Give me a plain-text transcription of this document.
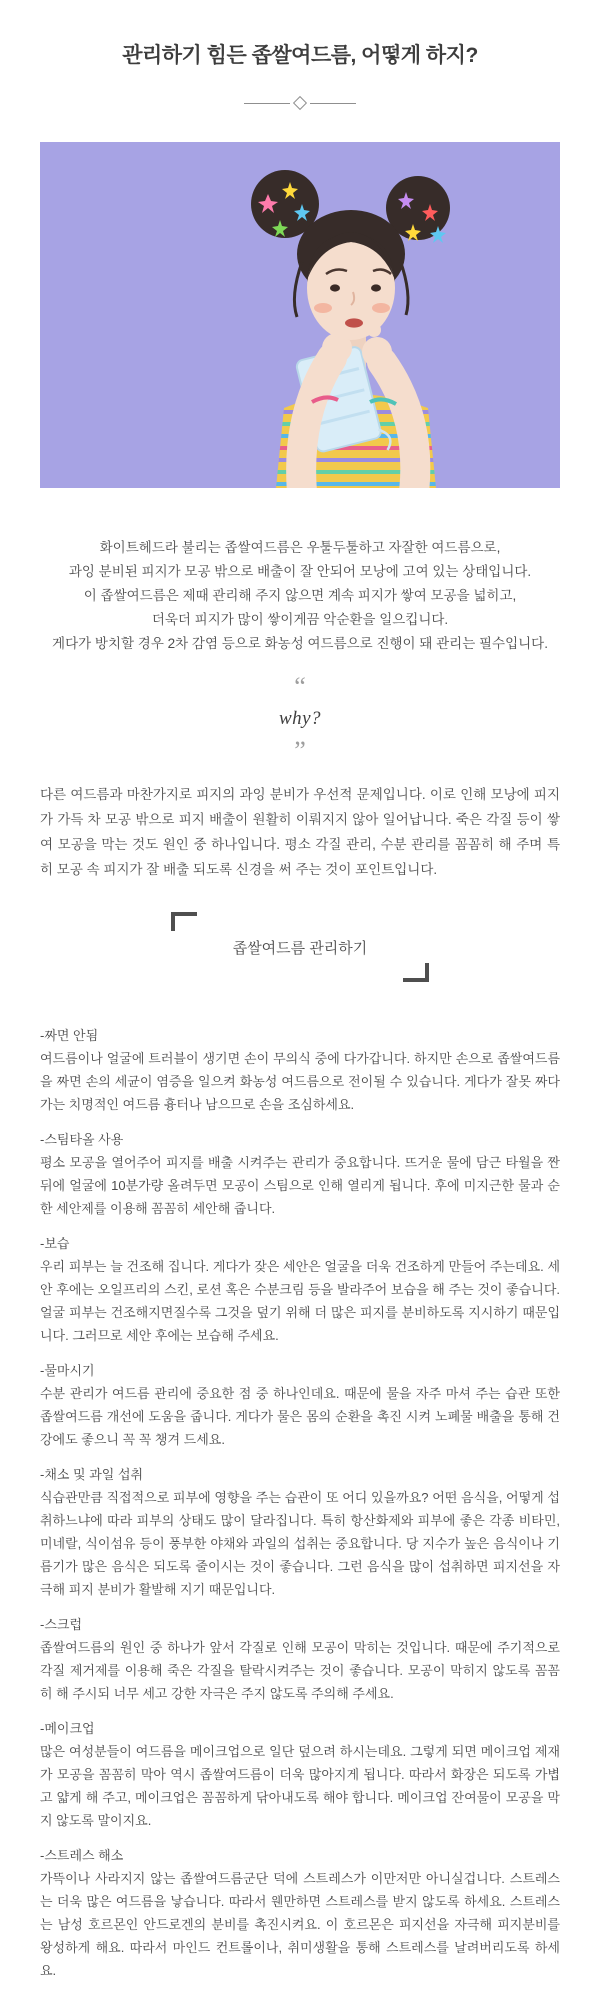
관리하기 힘든 좁쌀여드름, 어떻게 하지?

화이트헤드라 불리는 좁쌀여드름은 우툴두툴하고 자잘한 여드름으로,
과잉 분비된 피지가 모공 밖으로 배출이 잘 안되어 모낭에 고여 있는 상태입니다.
이 좁쌀여드름은 제때 관리해 주지 않으면 계속 피지가 쌓여 모공을 넓히고,
더욱더 피지가 많이 쌓이게끔 악순환을 일으킵니다.
게다가 방치할 경우 2차 감염 등으로 화농성 여드름으로 진행이 돼 관리는 필수입니다.

“
why?
”

다른 여드름과 마찬가지로 피지의 과잉 분비가 우선적 문제입니다. 이로 인해 모낭에 피지가 가득 차 모공 밖으로 피지 배출이 원활히 이뤄지지 않아 일어납니다. 죽은 각질 등이 쌓여 모공을 막는 것도 원인 중 하나입니다. 평소 각질 관리, 수분 관리를 꼼꼼히 해 주며 특히 모공 속 피지가 잘 배출 되도록 신경을 써 주는 것이 포인트입니다.

좁쌀여드름 관리하기

-짜면 안됨

여드름이나 얼굴에 트러블이 생기면 손이 무의식 중에 다가갑니다. 하지만 손으로 좁쌀여드름을 짜면 손의 세균이 염증을 일으켜 화농성 여드름으로 전이될 수 있습니다. 게다가 잘못 짜다가는 치명적인 여드름 흉터나 남으므로 손을 조심하세요.

-스팀타올 사용

평소 모공을 열어주어 피지를 배출 시켜주는 관리가 중요합니다. 뜨거운 물에 담근 타월을 짠 뒤에 얼굴에 10분가량 올려두면 모공이 스팀으로 인해 열리게 됩니다. 후에 미지근한 물과 순한 세안제를 이용해 꼼꼼히 세안해 줍니다.

-보습

우리 피부는 늘 건조해 집니다. 게다가 잦은 세안은 얼굴을 더욱 건조하게 만들어 주는데요. 세안 후에는 오일프리의 스킨, 로션 혹은 수분크림 등을 발라주어 보습을 해 주는 것이 좋습니다. 얼굴 피부는 건조해지면질수록 그것을 덮기 위해 더 많은 피지를 분비하도록 지시하기 때문입니다. 그러므로 세안 후에는 보습해 주세요.

-물마시기

수분 관리가 여드름 관리에 중요한 점 중 하나인데요. 때문에 물을 자주 마셔 주는 습관 또한 좁쌀여드름 개선에 도움을 줍니다. 게다가 물은 몸의 순환을 촉진 시켜 노폐물 배출을 통해 건강에도 좋으니 꼭 꼭 챙겨 드세요.

-채소 및 과일 섭취

식습관만큼 직접적으로 피부에 영향을 주는 습관이 또 어디 있을까요? 어떤 음식을, 어떻게 섭취하느냐에 따라 피부의 상태도 많이 달라집니다. 특히 항산화제와 피부에 좋은 각종 비타민, 미네랄, 식이섬유 등이 풍부한 야채와 과일의 섭취는 중요합니다. 당 지수가 높은 음식이나 기름기가 많은 음식은 되도록 줄이시는 것이 좋습니다. 그런 음식을 많이 섭취하면 피지선을 자극해 피지 분비가 활발해 지기 때문입니다.

-스크럽

좁쌀여드름의 원인 중 하나가 앞서 각질로 인해 모공이 막히는 것입니다. 때문에 주기적으로 각질 제거제를 이용해 죽은 각질을 탈락시켜주는 것이 좋습니다. 모공이 막히지 않도록 꼼꼼히 해 주시되 너무 세고 강한 자극은 주지 않도록 주의해 주세요.

-메이크업

많은 여성분들이 여드름을 메이크업으로 일단 덮으려 하시는데요. 그렇게 되면 메이크업 제재가 모공을 꼼꼼히 막아 역시 좁쌀여드름이 더욱 많아지게 됩니다. 따라서 화장은 되도록 가볍고 얇게 해 주고, 메이크업은 꼼꼼하게 닦아내도록 해야 합니다. 메이크업 잔여물이 모공을 막지 않도록 말이지요.

-스트레스 해소

가뜩이나 사라지지 않는 좁쌀여드름군단 덕에 스트레스가 이만저만 아니실겁니다. 스트레스는 더욱 많은 여드름을 낳습니다. 따라서 웬만하면 스트레스를 받지 않도록 하세요. 스트레스는 남성 호르몬인 안드로겐의 분비를 촉진시켜요. 이 호르몬은 피지선을 자극해 피지분비를 왕성하게 해요. 따라서 마인드 컨트롤이나, 취미생활을 통해 스트레스를 날려버리도록 하세요.
